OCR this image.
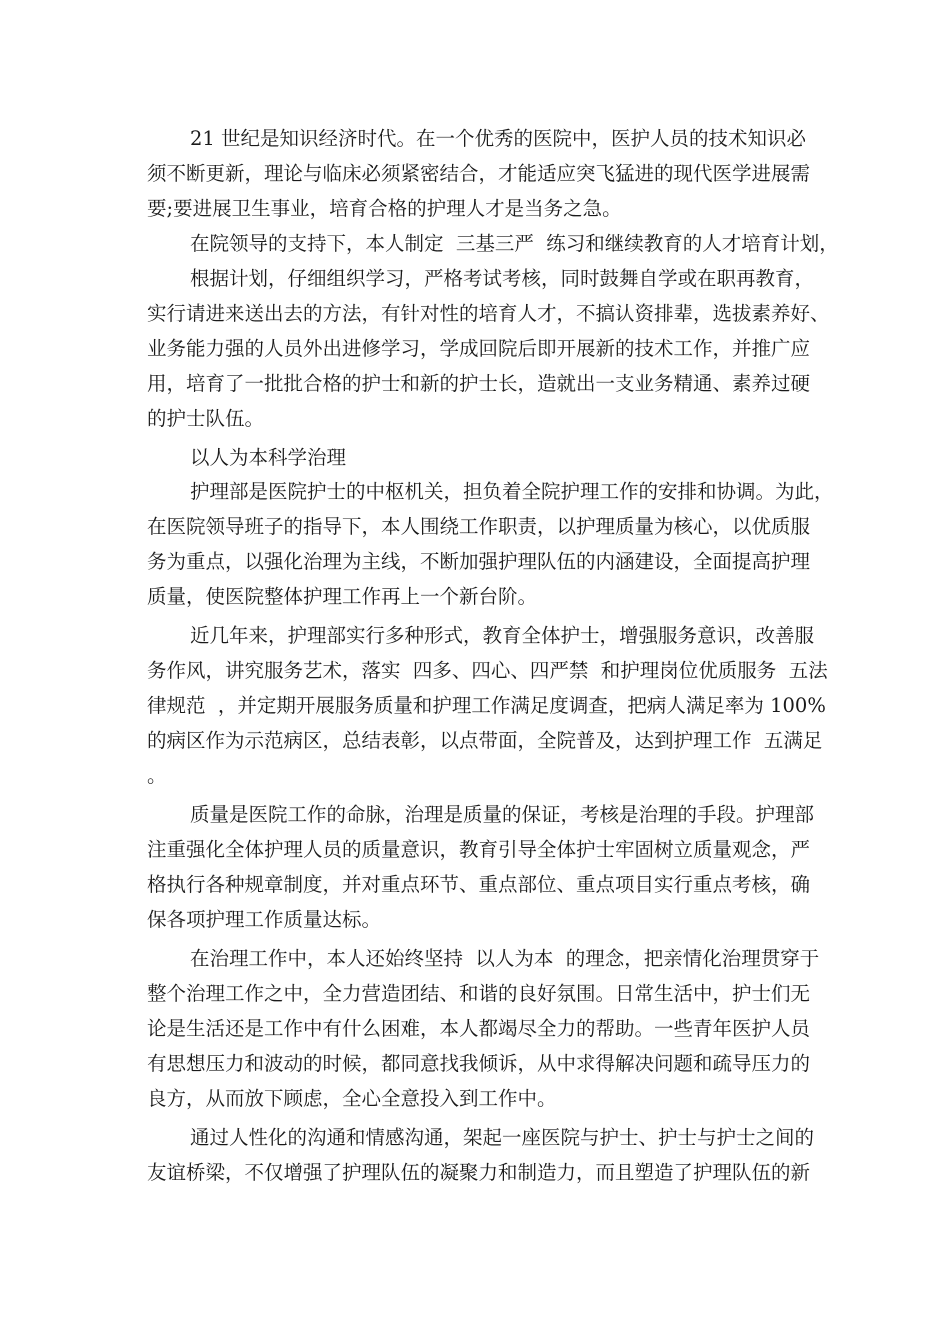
21 世纪是知识经济时代。在一个优秀的医院中，医护人员的技术知识必

须不断更新，理论与临床必须紧密结合，才能适应突飞猛进的现代医学进展需

要;要进展卫生事业，培育合格的护理人才是当务之急。

在院领导的支持下，本人制定  三基三严  练习和继续教育的人才培育计划，

根据计划，仔细组织学习，严格考试考核，同时鼓舞自学或在职再教育，

实行请进来送出去的方法，有针对性的培育人才，不搞认资排辈，选拔素养好、

业务能力强的人员外出进修学习，学成回院后即开展新的技术工作，并推广应

用，培育了一批批合格的护士和新的护士长，造就出一支业务精通、素养过硬

的护士队伍。

以人为本科学治理

护理部是医院护士的中枢机关，担负着全院护理工作的安排和协调。为此，

在医院领导班子的指导下，本人围绕工作职责，以护理质量为核心，以优质服

务为重点，以强化治理为主线，不断加强护理队伍的内涵建设，全面提高护理

质量，使医院整体护理工作再上一个新台阶。

近几年来，护理部实行多种形式，教育全体护士，增强服务意识，改善服

务作风，讲究服务艺术，落实  四多、四心、四严禁  和护理岗位优质服务  五法

律规范  ，并定期开展服务质量和护理工作满足度调查，把病人满足率为 100%

的病区作为示范病区，总结表彰，以点带面，全院普及，达到护理工作  五满足

。

质量是医院工作的命脉，治理是质量的保证，考核是治理的手段。护理部

注重强化全体护理人员的质量意识，教育引导全体护士牢固树立质量观念，严

格执行各种规章制度，并对重点环节、重点部位、重点项目实行重点考核，确

保各项护理工作质量达标。

在治理工作中，本人还始终坚持  以人为本  的理念，把亲情化治理贯穿于

整个治理工作之中，全力营造团结、和谐的良好氛围。日常生活中，护士们无

论是生活还是工作中有什么困难，本人都竭尽全力的帮助。一些青年医护人员

有思想压力和波动的时候，都同意找我倾诉，从中求得解决问题和疏导压力的

良方，从而放下顾虑，全心全意投入到工作中。

通过人性化的沟通和情感沟通，架起一座医院与护士、护士与护士之间的

友谊桥梁，不仅增强了护理队伍的凝聚力和制造力，而且塑造了护理队伍的新
